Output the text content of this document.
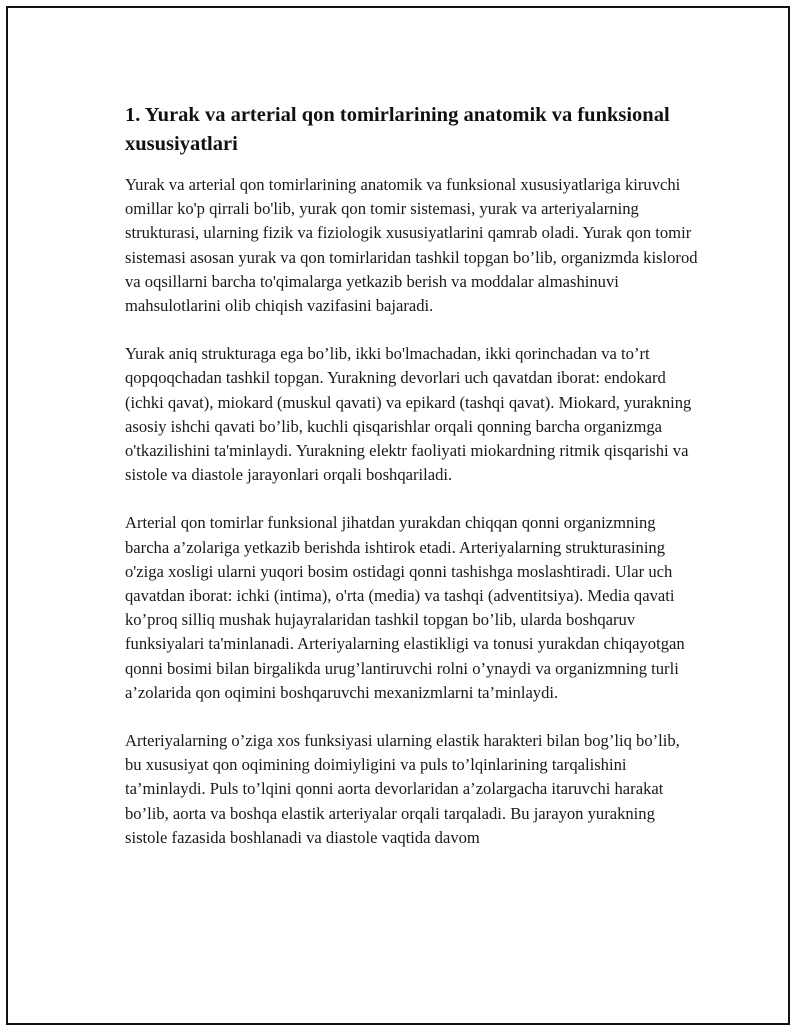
1. Yurak va arterial qon tomirlarining anatomik va funksional xususiyatlari

Yurak va arterial qon tomirlarining anatomik va funksional xususiyatlariga kiruvchi omillar ko'p qirrali bo'lib, yurak qon tomir sistemasi, yurak va arteriyalarning strukturasi, ularning fizik va fiziologik xususiyatlarini qamrab oladi. Yurak qon tomir sistemasi asosan yurak va qon tomirlaridan tashkil topgan bo’lib, organizmda kislorod va oqsillarni barcha to'qimalarga yetkazib berish va moddalar almashinuvi mahsulotlarini olib chiqish vazifasini bajaradi.

Yurak aniq strukturaga ega bo’lib, ikki bo'lmachadan, ikki qorinchadan va to’rt qopqoqchadan tashkil topgan. Yurakning devorlari uch qavatdan iborat: endokard (ichki qavat), miokard (muskul qavati) va epikard (tashqi qavat). Miokard, yurakning asosiy ishchi qavati bo’lib, kuchli qisqarishlar orqali qonning barcha organizmga o'tkazilishini ta'minlaydi. Yurakning elektr faoliyati miokardning ritmik qisqarishi va sistole va diastole jarayonlari orqali boshqariladi.

Arterial qon tomirlar funksional jihatdan yurakdan chiqqan qonni organizmning barcha a’zolariga yetkazib berishda ishtirok etadi. Arteriyalarning strukturasining o'ziga xosligi ularni yuqori bosim ostidagi qonni tashishga moslashtiradi. Ular uch qavatdan iborat: ichki (intima), o'rta (media) va tashqi (adventitsiya). Media qavati ko’proq silliq mushak hujayralaridan tashkil topgan bo’lib, ularda boshqaruv funksiyalari ta'minlanadi. Arteriyalarning elastikligi va tonusi yurakdan chiqayotgan qonni bosimi bilan birgalikda urug’lantiruvchi rolni o’ynaydi va organizmning turli a’zolarida qon oqimini boshqaruvchi mexanizmlarni ta’minlaydi.

Arteriyalarning o’ziga xos funksiyasi ularning elastik harakteri bilan bog’liq bo’lib, bu xususiyat qon oqimining doimiyligini va puls to’lqinlarining tarqalishini ta’minlaydi. Puls to’lqini qonni aorta devorlaridan a’zolargacha itaruvchi harakat bo’lib, aorta va boshqa elastik arteriyalar orqali tarqaladi. Bu jarayon yurakning sistole fazasida boshlanadi va diastole vaqtida davom
